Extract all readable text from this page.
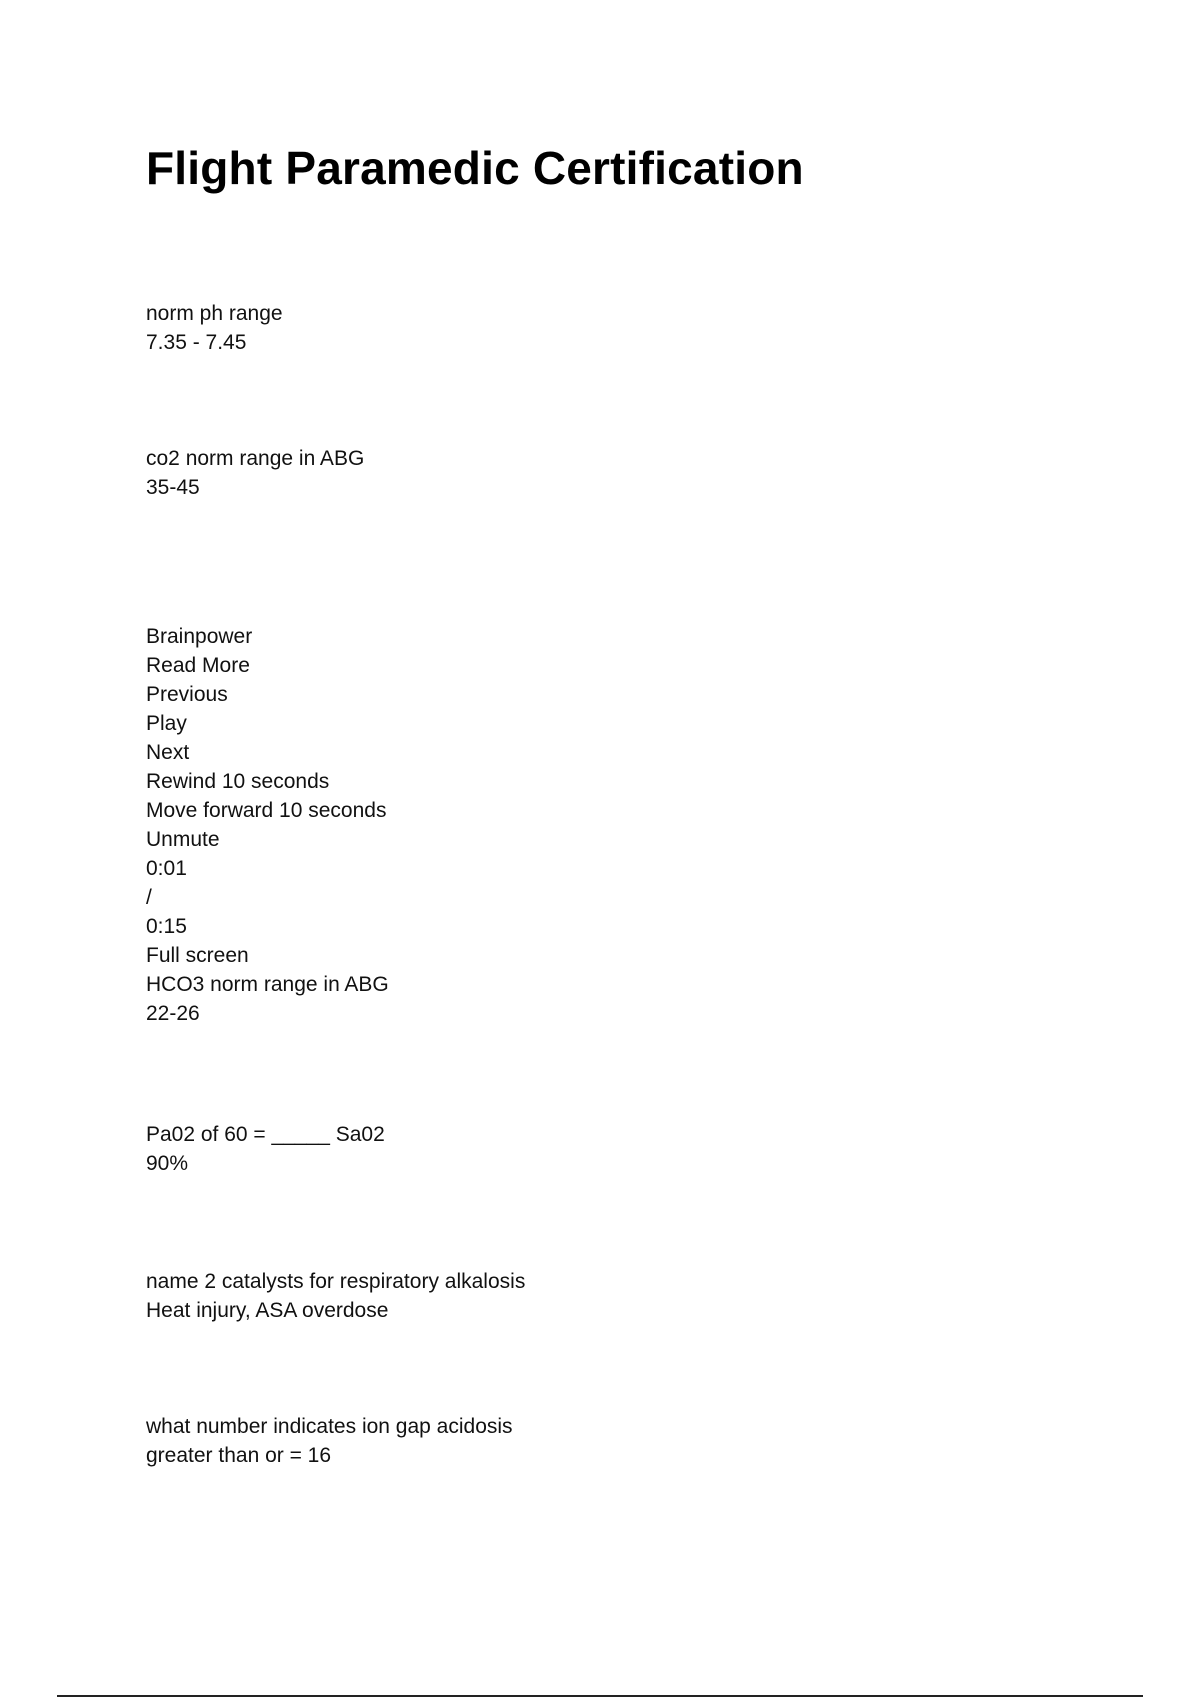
Flight Paramedic Certification
norm ph range
7.35 - 7.45
co2 norm range in ABG
35-45
Brainpower
Read More
Previous
Play
Next
Rewind 10 seconds
Move forward 10 seconds
Unmute
0:01
/
0:15
Full screen
HCO3 norm range in ABG
22-26
Pa02 of 60 = _____ Sa02
90%
name 2 catalysts for respiratory alkalosis
Heat injury, ASA overdose
what number indicates ion gap acidosis
greater than or = 16
